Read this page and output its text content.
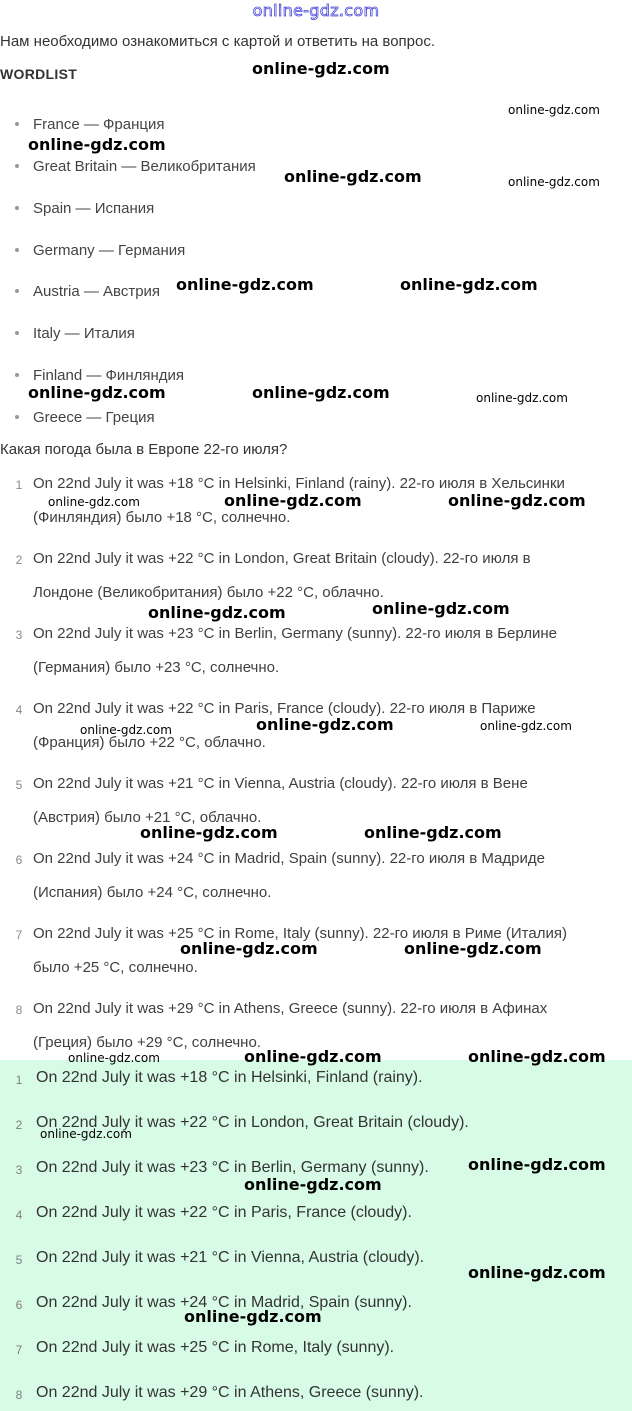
online-gdz.com
Нам необходимо ознакомиться с картой и ответить на вопрос.
WORDLIST
France — Франция
Great Britain — Великобритания
Spain — Испания
Germany — Германия
Austria — Австрия
Italy — Италия
Finland — Финляндия
Greece — Греция
Какая погода была в Европе 22-го июля?
1 On 22nd July it was +18 °C in Helsinki, Finland (rainy). 22-го июля в Хельсинки
(Финляндия) было +18 °C, солнечно.
2 On 22nd July it was +22 °C in London, Great Britain (cloudy). 22-го июля в
Лондоне (Великобритания) было +22 °C, облачно.
3 On 22nd July it was +23 °C in Berlin, Germany (sunny). 22-го июля в Берлине
(Германия) было +23 °C, солнечно.
4 On 22nd July it was +22 °C in Paris, France (cloudy). 22-го июля в Париже
(Франция) было +22 °C, облачно.
5 On 22nd July it was +21 °C in Vienna, Austria (cloudy). 22-го июля в Вене
(Австрия) было +21 °C, облачно.
6 On 22nd July it was +24 °C in Madrid, Spain (sunny). 22-го июля в Мадриде
(Испания) было +24 °C, солнечно.
7 On 22nd July it was +25 °C in Rome, Italy (sunny). 22-го июля в Риме (Италия)
было +25 °C, солнечно.
8 On 22nd July it was +29 °C in Athens, Greece (sunny). 22-го июля в Афинах
(Греция) было +29 °C, солнечно.
1 On 22nd July it was +18 °C in Helsinki, Finland (rainy).
2 On 22nd July it was +22 °C in London, Great Britain (cloudy).
3 On 22nd July it was +23 °C in Berlin, Germany (sunny).
4 On 22nd July it was +22 °C in Paris, France (cloudy).
5 On 22nd July it was +21 °C in Vienna, Austria (cloudy).
6 On 22nd July it was +24 °C in Madrid, Spain (sunny).
7 On 22nd July it was +25 °C in Rome, Italy (sunny).
8 On 22nd July it was +29 °C in Athens, Greece (sunny).
online-gdz.com
online-gdz.com
online-gdz.com
online-gdz.com	online-gdz.com
online-gdz.com	online-gdz.com
online-gdz.com	online-gdz.com	online-gdz.com
online-gdz.com	online-gdz.com	online-gdz.com
online-gdz.com	online-gdz.com
online-gdz.com	online-gdz.com	online-gdz.com
online-gdz.com	online-gdz.com
online-gdz.com	online-gdz.com
online-gdz.com	online-gdz.com	online-gdz.com
online-gdz.com
online-gdz.com
online-gdz.com
online-gdz.com
online-gdz.com
